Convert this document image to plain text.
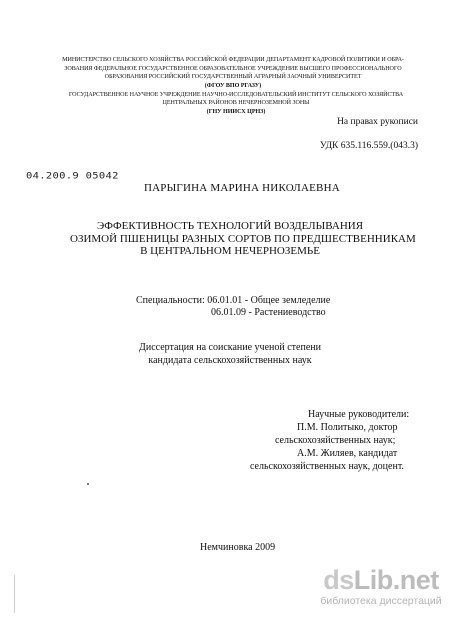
МИНИСТЕРСТВО СЕЛЬСКОГО ХОЗЯЙСТВА РОССИЙСКОЙ ФЕДЕРАЦИИ ДЕПАРТАМЕНТ КАДРОВОЙ ПОЛИТИКИ И ОБРА-
ЗОВАНИЯ ФЕДЕРАЛЬНОЕ ГОСУДАРСТВЕННОЕ ОБРАЗОВАТЕЛЬНОЕ УЧРЕЖДЕНИЕ ВЫСШЕГО ПРОФЕССИОНАЛЬНОГО
ОБРАЗОВАНИЯ РОССИЙСКИЙ ГОСУДАРСТВЕННЫЙ АГРАРНЫЙ ЗАОЧНЫЙ УНИВЕРСИТЕТ
(ФГОУ ВПО РГАЗУ)
ГОСУДАРСТВЕННОЕ НАУЧНОЕ УЧРЕЖДЕНИЕ НАУЧНО-ИССЛЕДОВАТЕЛЬСКИЙ ИНСТИТУТ СЕЛЬСКОГО ХОЗЯЙСТВА
ЦЕНТРАЛЬНЫХ РАЙОНОВ НЕЧЕРНОЗЕМНОЙ ЗОНЫ
(ГНУ НИИСХ ЦРНЗ)
На правах рукописи
УДК 635.116.559.(043.3)
04.200.9 05042
ПАРЫГИНА МАРИНА НИКОЛАЕВНА
ЭФФЕКТИВНОСТЬ ТЕХНОЛОГИЙ ВОЗДЕЛЫВАНИЯ
ОЗИМОЙ ПШЕНИЦЫ РАЗНЫХ СОРТОВ ПО ПРЕДШЕСТВЕННИКАМ
В ЦЕНТРАЛЬНОМ НЕЧЕРНОЗЕМЬЕ
Специальности: 06.01.01 - Общее земледелие
06.01.09 - Растениеводство
Диссертация на соискание ученой степени
кандидата сельскохозяйственных наук
Научные руководители:
П.М. Политыко, доктор
сельскохозяйственных наук;
А.М. Жиляев, кандидат
сельскохозяйственных наук, доцент.
Немчиновка 2009
dsLib.net
библиотека диссертаций
